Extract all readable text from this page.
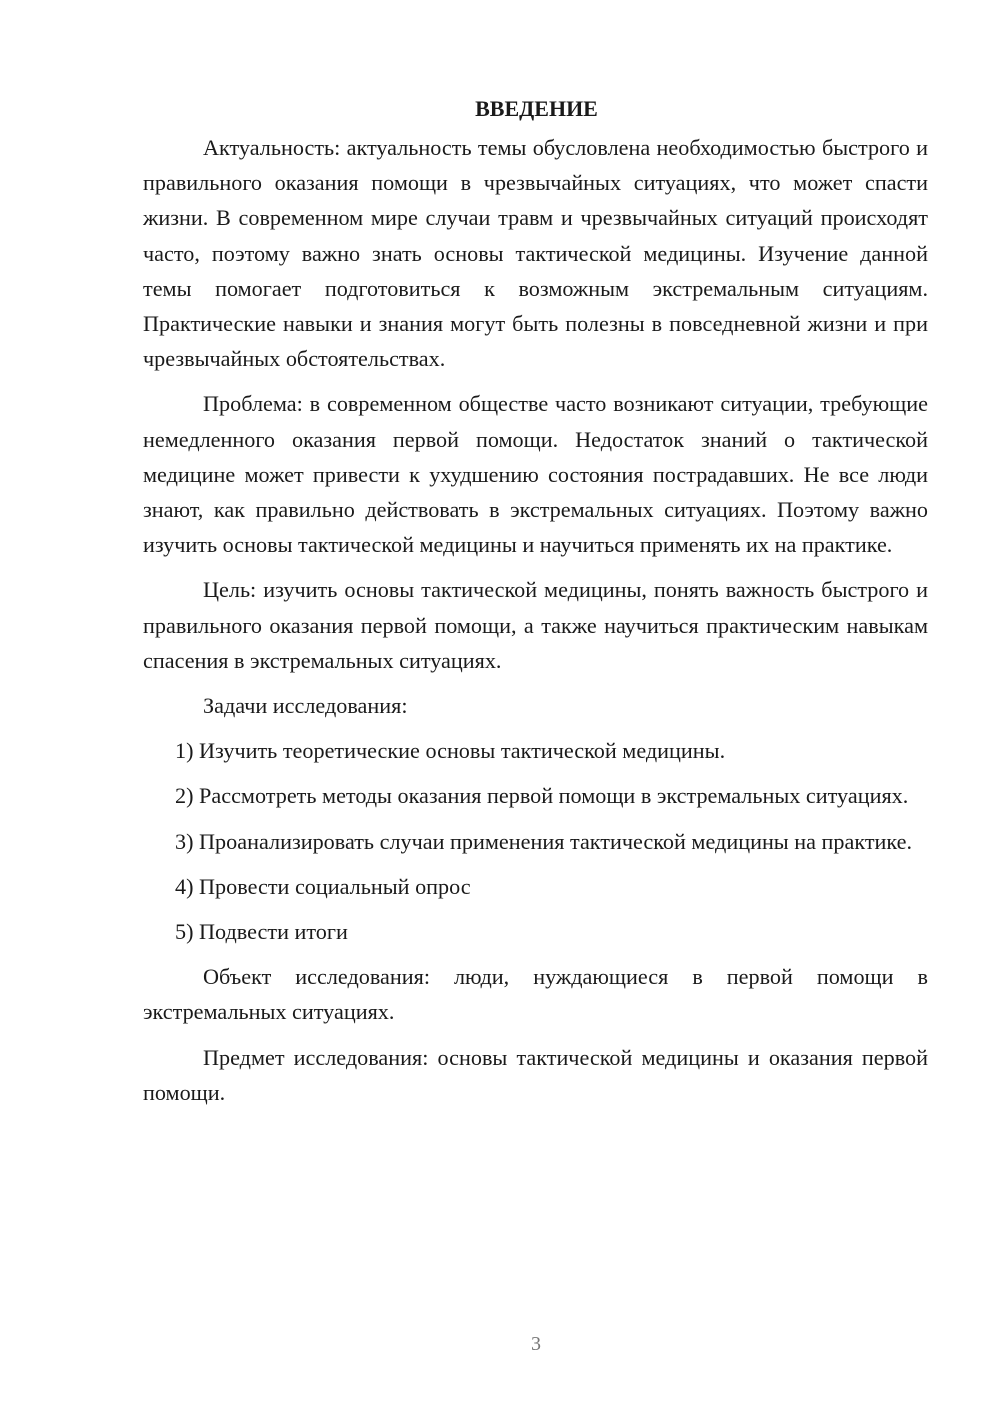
ВВЕДЕНИЕ

Актуальность: актуальность темы обусловлена необходимостью быстрого и правильного оказания помощи в чрезвычайных ситуациях, что может спасти жизни. В современном мире случаи травм и чрезвычайных ситуаций происходят часто, поэтому важно знать основы тактической медицины. Изучение данной темы помогает подготовиться к возможным экстремальным ситуациям. Практические навыки и знания могут быть полезны в повседневной жизни и при чрезвычайных обстоятельствах.

Проблема: в современном обществе часто возникают ситуации, требующие немедленного оказания первой помощи. Недостаток знаний о тактической медицине может привести к ухудшению состояния пострадавших. Не все люди знают, как правильно действовать в экстремальных ситуациях. Поэтому важно изучить основы тактической медицины и научиться применять их на практике.

Цель: изучить основы тактической медицины, понять важность быстрого и правильного оказания первой помощи, а также научиться практическим навыкам спасения в экстремальных ситуациях.

Задачи исследования:

1) Изучить теоретические основы тактической медицины.

2) Рассмотреть методы оказания первой помощи в экстремальных ситуациях.

3) Проанализировать случаи применения тактической медицины на практике.

4) Провести социальный опрос

5) Подвести итоги

Объект исследования: люди, нуждающиеся в первой помощи в экстремальных ситуациях.

Предмет исследования: основы тактической медицины и оказания первой помощи.

3
